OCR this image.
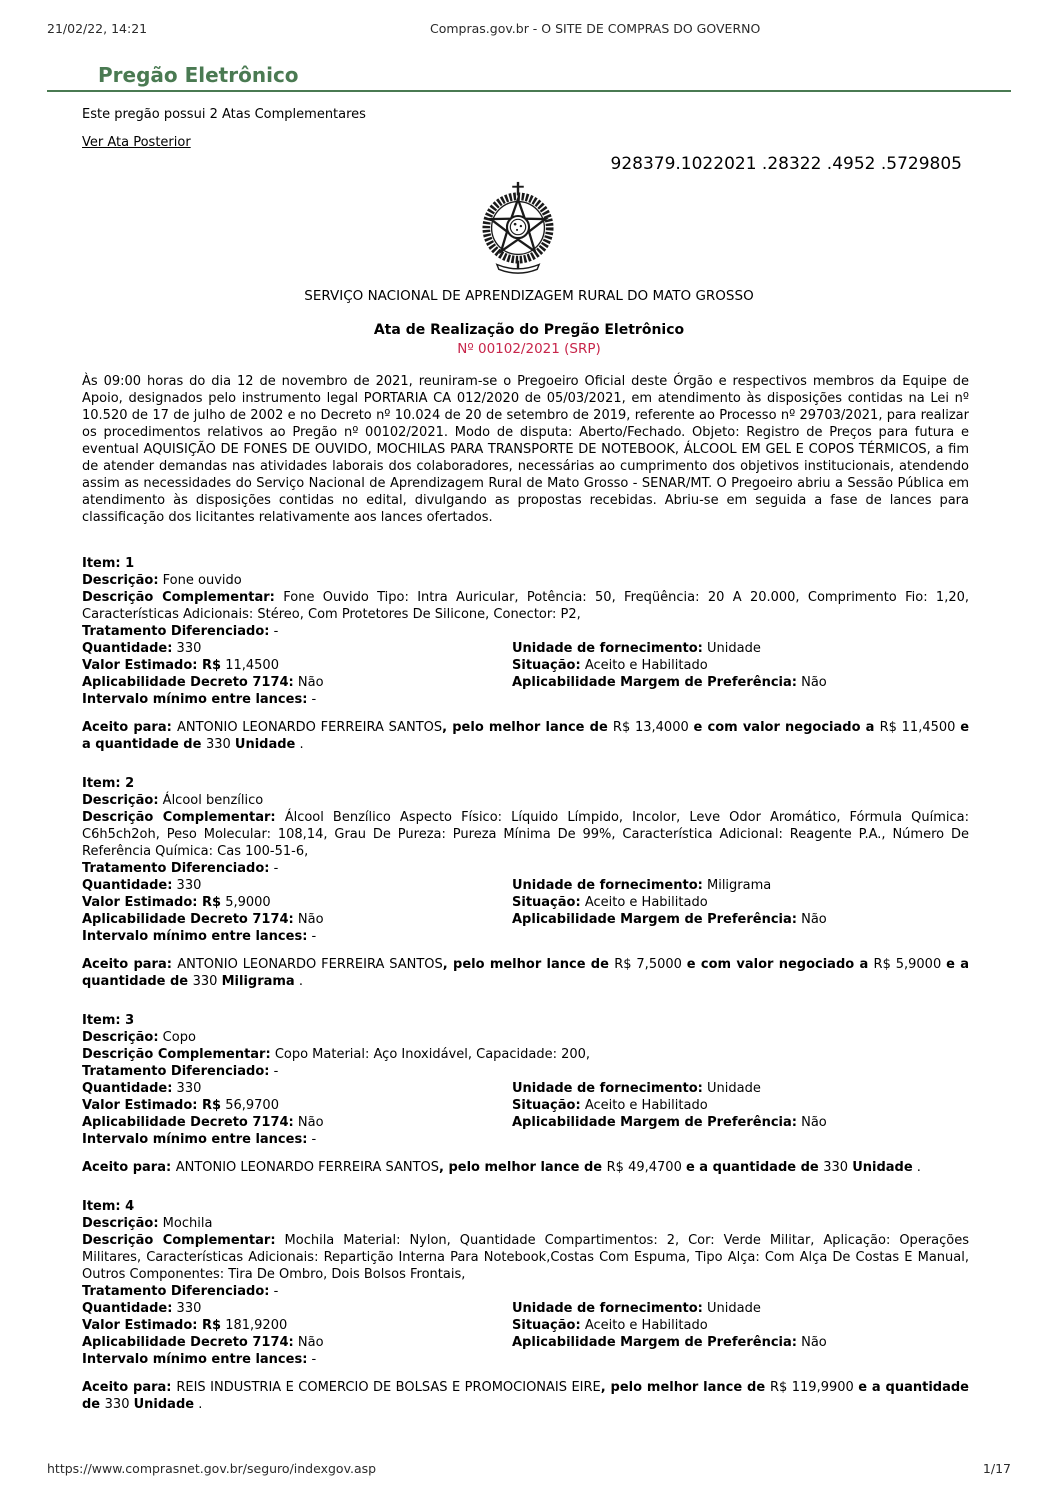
21/02/22, 14:21	Compras.gov.br - O SITE DE COMPRAS DO GOVERNO
Pregão Eletrônico
Este pregão possui 2 Atas Complementares
Ver Ata Posterior
928379.1022021 .28322 .4952 .5729805
SERVIÇO NACIONAL DE APRENDIZAGEM RURAL DO MATO GROSSO
Ata de Realização do Pregão Eletrônico
Nº 00102/2021 (SRP)

Às 09:00 horas do dia 12 de novembro de 2021, reuniram-se o Pregoeiro Oficial deste Órgão e respectivos membros da Equipe de Apoio, designados pelo instrumento legal PORTARIA CA 012/2020 de 05/03/2021, em atendimento às disposições contidas na Lei nº 10.520 de 17 de julho de 2002 e no Decreto nº 10.024 de 20 de setembro de 2019, referente ao Processo nº 29703/2021, para realizar os procedimentos relativos ao Pregão nº 00102/2021. Modo de disputa: Aberto/Fechado. Objeto: Registro de Preços para futura e eventual AQUISIÇÃO DE FONES DE OUVIDO, MOCHILAS PARA TRANSPORTE DE NOTEBOOK, ÁLCOOL EM GEL E COPOS TÉRMICOS, a fim de atender demandas nas atividades laborais dos colaboradores, necessárias ao cumprimento dos objetivos institucionais, atendendo assim as necessidades do Serviço Nacional de Aprendizagem Rural de Mato Grosso - SENAR/MT. O Pregoeiro abriu a Sessão Pública em atendimento às disposições contidas no edital, divulgando as propostas recebidas. Abriu-se em seguida a fase de lances para classificação dos licitantes relativamente aos lances ofertados.

Item: 1
Descrição: Fone ouvido
Descrição Complementar: Fone Ouvido Tipo: Intra Auricular, Potência: 50, Freqüência: 20 A 20.000, Comprimento Fio: 1,20, Características Adicionais: Stéreo, Com Protetores De Silicone, Conector: P2,
Tratamento Diferenciado: -
Quantidade: 330	Unidade de fornecimento: Unidade
Valor Estimado: R$ 11,4500	Situação: Aceito e Habilitado
Aplicabilidade Decreto 7174: Não	Aplicabilidade Margem de Preferência: Não
Intervalo mínimo entre lances: -

Aceito para: ANTONIO LEONARDO FERREIRA SANTOS, pelo melhor lance de R$ 13,4000 e com valor negociado a R$ 11,4500 e a quantidade de 330 Unidade .

Item: 2
Descrição: Álcool benzílico
Descrição Complementar: Álcool Benzílico Aspecto Físico: Líquido Límpido, Incolor, Leve Odor Aromático, Fórmula Química: C6h5ch2oh, Peso Molecular: 108,14, Grau De Pureza: Pureza Mínima De 99%, Característica Adicional: Reagente P.A., Número De Referência Química: Cas 100-51-6,
Tratamento Diferenciado: -
Quantidade: 330	Unidade de fornecimento: Miligrama
Valor Estimado: R$ 5,9000	Situação: Aceito e Habilitado
Aplicabilidade Decreto 7174: Não	Aplicabilidade Margem de Preferência: Não
Intervalo mínimo entre lances: -

Aceito para: ANTONIO LEONARDO FERREIRA SANTOS, pelo melhor lance de R$ 7,5000 e com valor negociado a R$ 5,9000 e a quantidade de 330 Miligrama .

Item: 3
Descrição: Copo
Descrição Complementar: Copo Material: Aço Inoxidável, Capacidade: 200,
Tratamento Diferenciado: -
Quantidade: 330	Unidade de fornecimento: Unidade
Valor Estimado: R$ 56,9700	Situação: Aceito e Habilitado
Aplicabilidade Decreto 7174: Não	Aplicabilidade Margem de Preferência: Não
Intervalo mínimo entre lances: -

Aceito para: ANTONIO LEONARDO FERREIRA SANTOS, pelo melhor lance de R$ 49,4700 e a quantidade de 330 Unidade .

Item: 4
Descrição: Mochila
Descrição Complementar: Mochila Material: Nylon, Quantidade Compartimentos: 2, Cor: Verde Militar, Aplicação: Operações Militares, Características Adicionais: Repartição Interna Para Notebook,Costas Com Espuma, Tipo Alça: Com Alça De Costas E Manual, Outros Componentes: Tira De Ombro, Dois Bolsos Frontais,
Tratamento Diferenciado: -
Quantidade: 330	Unidade de fornecimento: Unidade
Valor Estimado: R$ 181,9200	Situação: Aceito e Habilitado
Aplicabilidade Decreto 7174: Não	Aplicabilidade Margem de Preferência: Não
Intervalo mínimo entre lances: -

Aceito para: REIS INDUSTRIA E COMERCIO DE BOLSAS E PROMOCIONAIS EIRE, pelo melhor lance de R$ 119,9900 e a quantidade de 330 Unidade .

https://www.comprasnet.gov.br/seguro/indexgov.asp	1/17
